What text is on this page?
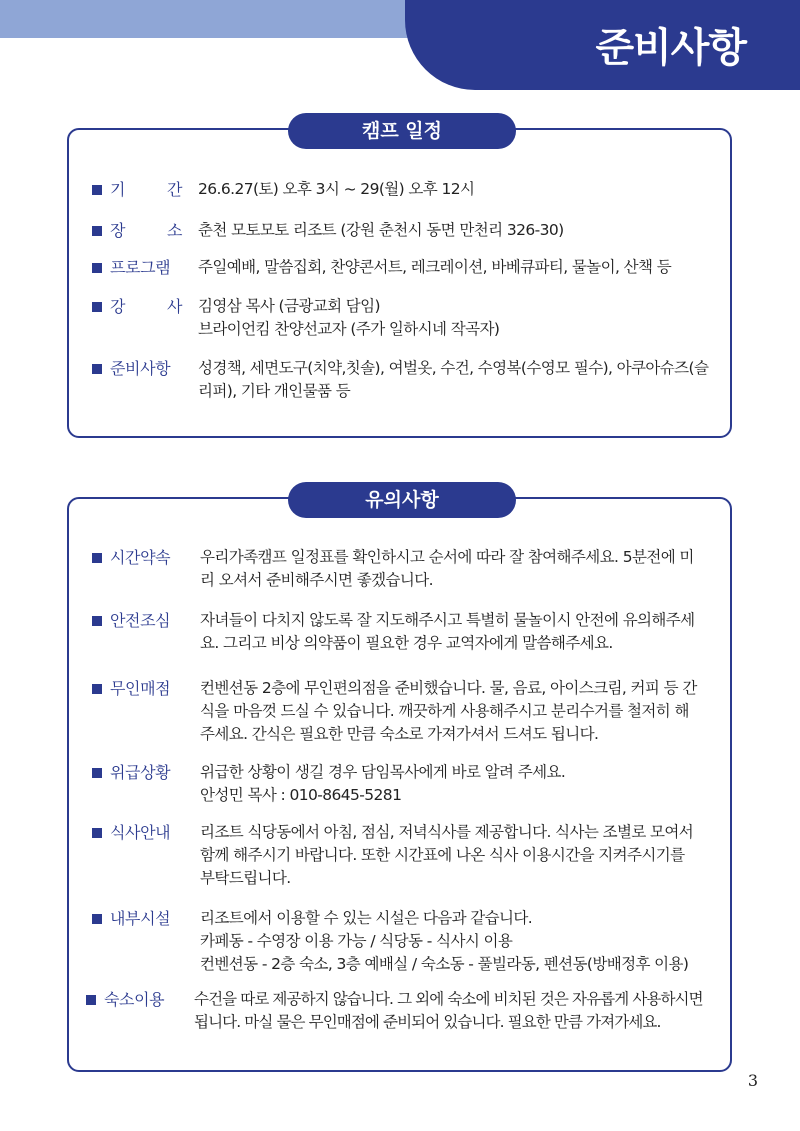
준비사항
캠프 일정
기	간 26.6.27(토) 오후 3시 ~ 29(월) 오후 12시
장	소 춘천 모토모토 리조트 (강원 춘천시 동면 만천리 326-30)
프로그램	주일예배, 말씀집회, 찬양콘서트, 레크레이션, 바베큐파티, 물놀이, 산책 등
강	사 김영삼 목사 (금광교회 담임)
브라이언킴 찬양선교자 (주가 일하시네 작곡자)
준비사항	성경책, 세면도구(치약,칫솔), 여벌옷, 수건, 수영복(수영모 필수), 아쿠아슈즈(슬
리퍼), 기타 개인물품 등
유의사항
시간약속	우리가족캠프 일정표를 확인하시고 순서에 따라 잘 참여해주세요. 5분전에 미
리 오셔서 준비해주시면 좋겠습니다.
안전조심	자녀들이 다치지 않도록 잘 지도해주시고 특별히 물놀이시 안전에 유의해주세
요. 그리고 비상 의약품이 필요한 경우 교역자에게 말씀해주세요.
무인매점	컨벤션동 2층에 무인편의점을 준비했습니다. 물, 음료, 아이스크림, 커피 등 간
식을 마음껏 드실 수 있습니다. 깨끗하게 사용해주시고 분리수거를 철저히 해
주세요. 간식은 필요한 만큼 숙소로 가져가셔서 드셔도 됩니다.
위급상황	위급한 상황이 생길 경우 담임목사에게 바로 알려 주세요.
안성민 목사 : 010-8645-5281
식사안내	리조트 식당동에서 아침, 점심, 저녁식사를 제공합니다. 식사는 조별로 모여서
함께 해주시기 바랍니다. 또한 시간표에 나온 식사 이용시간을 지켜주시기를
부탁드립니다.
내부시설	리조트에서 이용할 수 있는 시설은 다음과 같습니다.
카페동 - 수영장 이용 가능 / 식당동 - 식사시 이용
컨벤션동 - 2층 숙소, 3층 예배실 / 숙소동 - 풀빌라동, 펜션동(방배정후 이용)
숙소이용	수건을 따로 제공하지 않습니다. 그 외에 숙소에 비치된 것은 자유롭게 사용하시면
됩니다. 마실 물은 무인매점에 준비되어 있습니다. 필요한 만큼 가져가세요.
3
